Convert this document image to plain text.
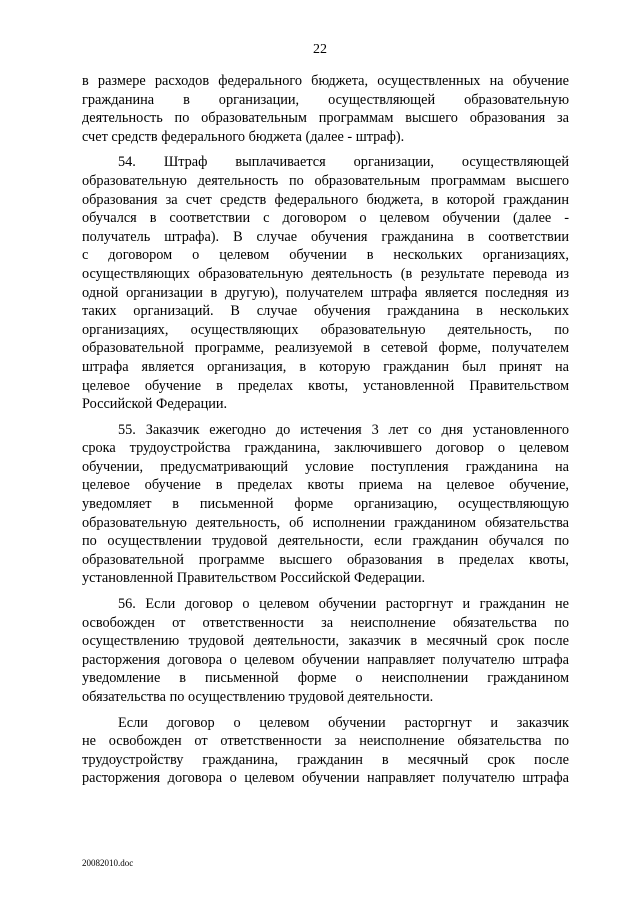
22
в размере расходов федерального бюджета, осуществленных на обучение
гражданина в организации, осуществляющей образовательную
деятельность по образовательным программам высшего образования за
счет средств федерального бюджета (далее - штраф).
54. Штраф выплачивается организации, осуществляющей
образовательную деятельность по образовательным программам высшего
образования за счет средств федерального бюджета, в которой гражданин
обучался в соответствии с договором о целевом обучении (далее -
получатель штрафа). В случае обучения гражданина в соответствии
с договором о целевом обучении в нескольких организациях,
осуществляющих образовательную деятельность (в результате перевода из
одной организации в другую), получателем штрафа является последняя из
таких организаций. В случае обучения гражданина в нескольких
организациях, осуществляющих образовательную деятельность, по
образовательной программе, реализуемой в сетевой форме, получателем
штрафа является организация, в которую гражданин был принят на
целевое обучение в пределах квоты, установленной Правительством
Российской Федерации.
55. Заказчик ежегодно до истечения 3 лет со дня установленного
срока трудоустройства гражданина, заключившего договор о целевом
обучении, предусматривающий условие поступления гражданина на
целевое обучение в пределах квоты приема на целевое обучение,
уведомляет в письменной форме организацию, осуществляющую
образовательную деятельность, об исполнении гражданином обязательства
по осуществлении трудовой деятельности, если гражданин обучался по
образовательной программе высшего образования в пределах квоты,
установленной Правительством Российской Федерации.
56. Если договор о целевом обучении расторгнут и гражданин не
освобожден от ответственности за неисполнение обязательства по
осуществлению трудовой деятельности, заказчик в месячный срок после
расторжения договора о целевом обучении направляет получателю штрафа
уведомление в письменной форме о неисполнении гражданином
обязательства по осуществлению трудовой деятельности.
Если договор о целевом обучении расторгнут и заказчик
не освобожден от ответственности за неисполнение обязательства по
трудоустройству гражданина, гражданин в месячный срок после
расторжения договора о целевом обучении направляет получателю штрафа
20082010.doc
